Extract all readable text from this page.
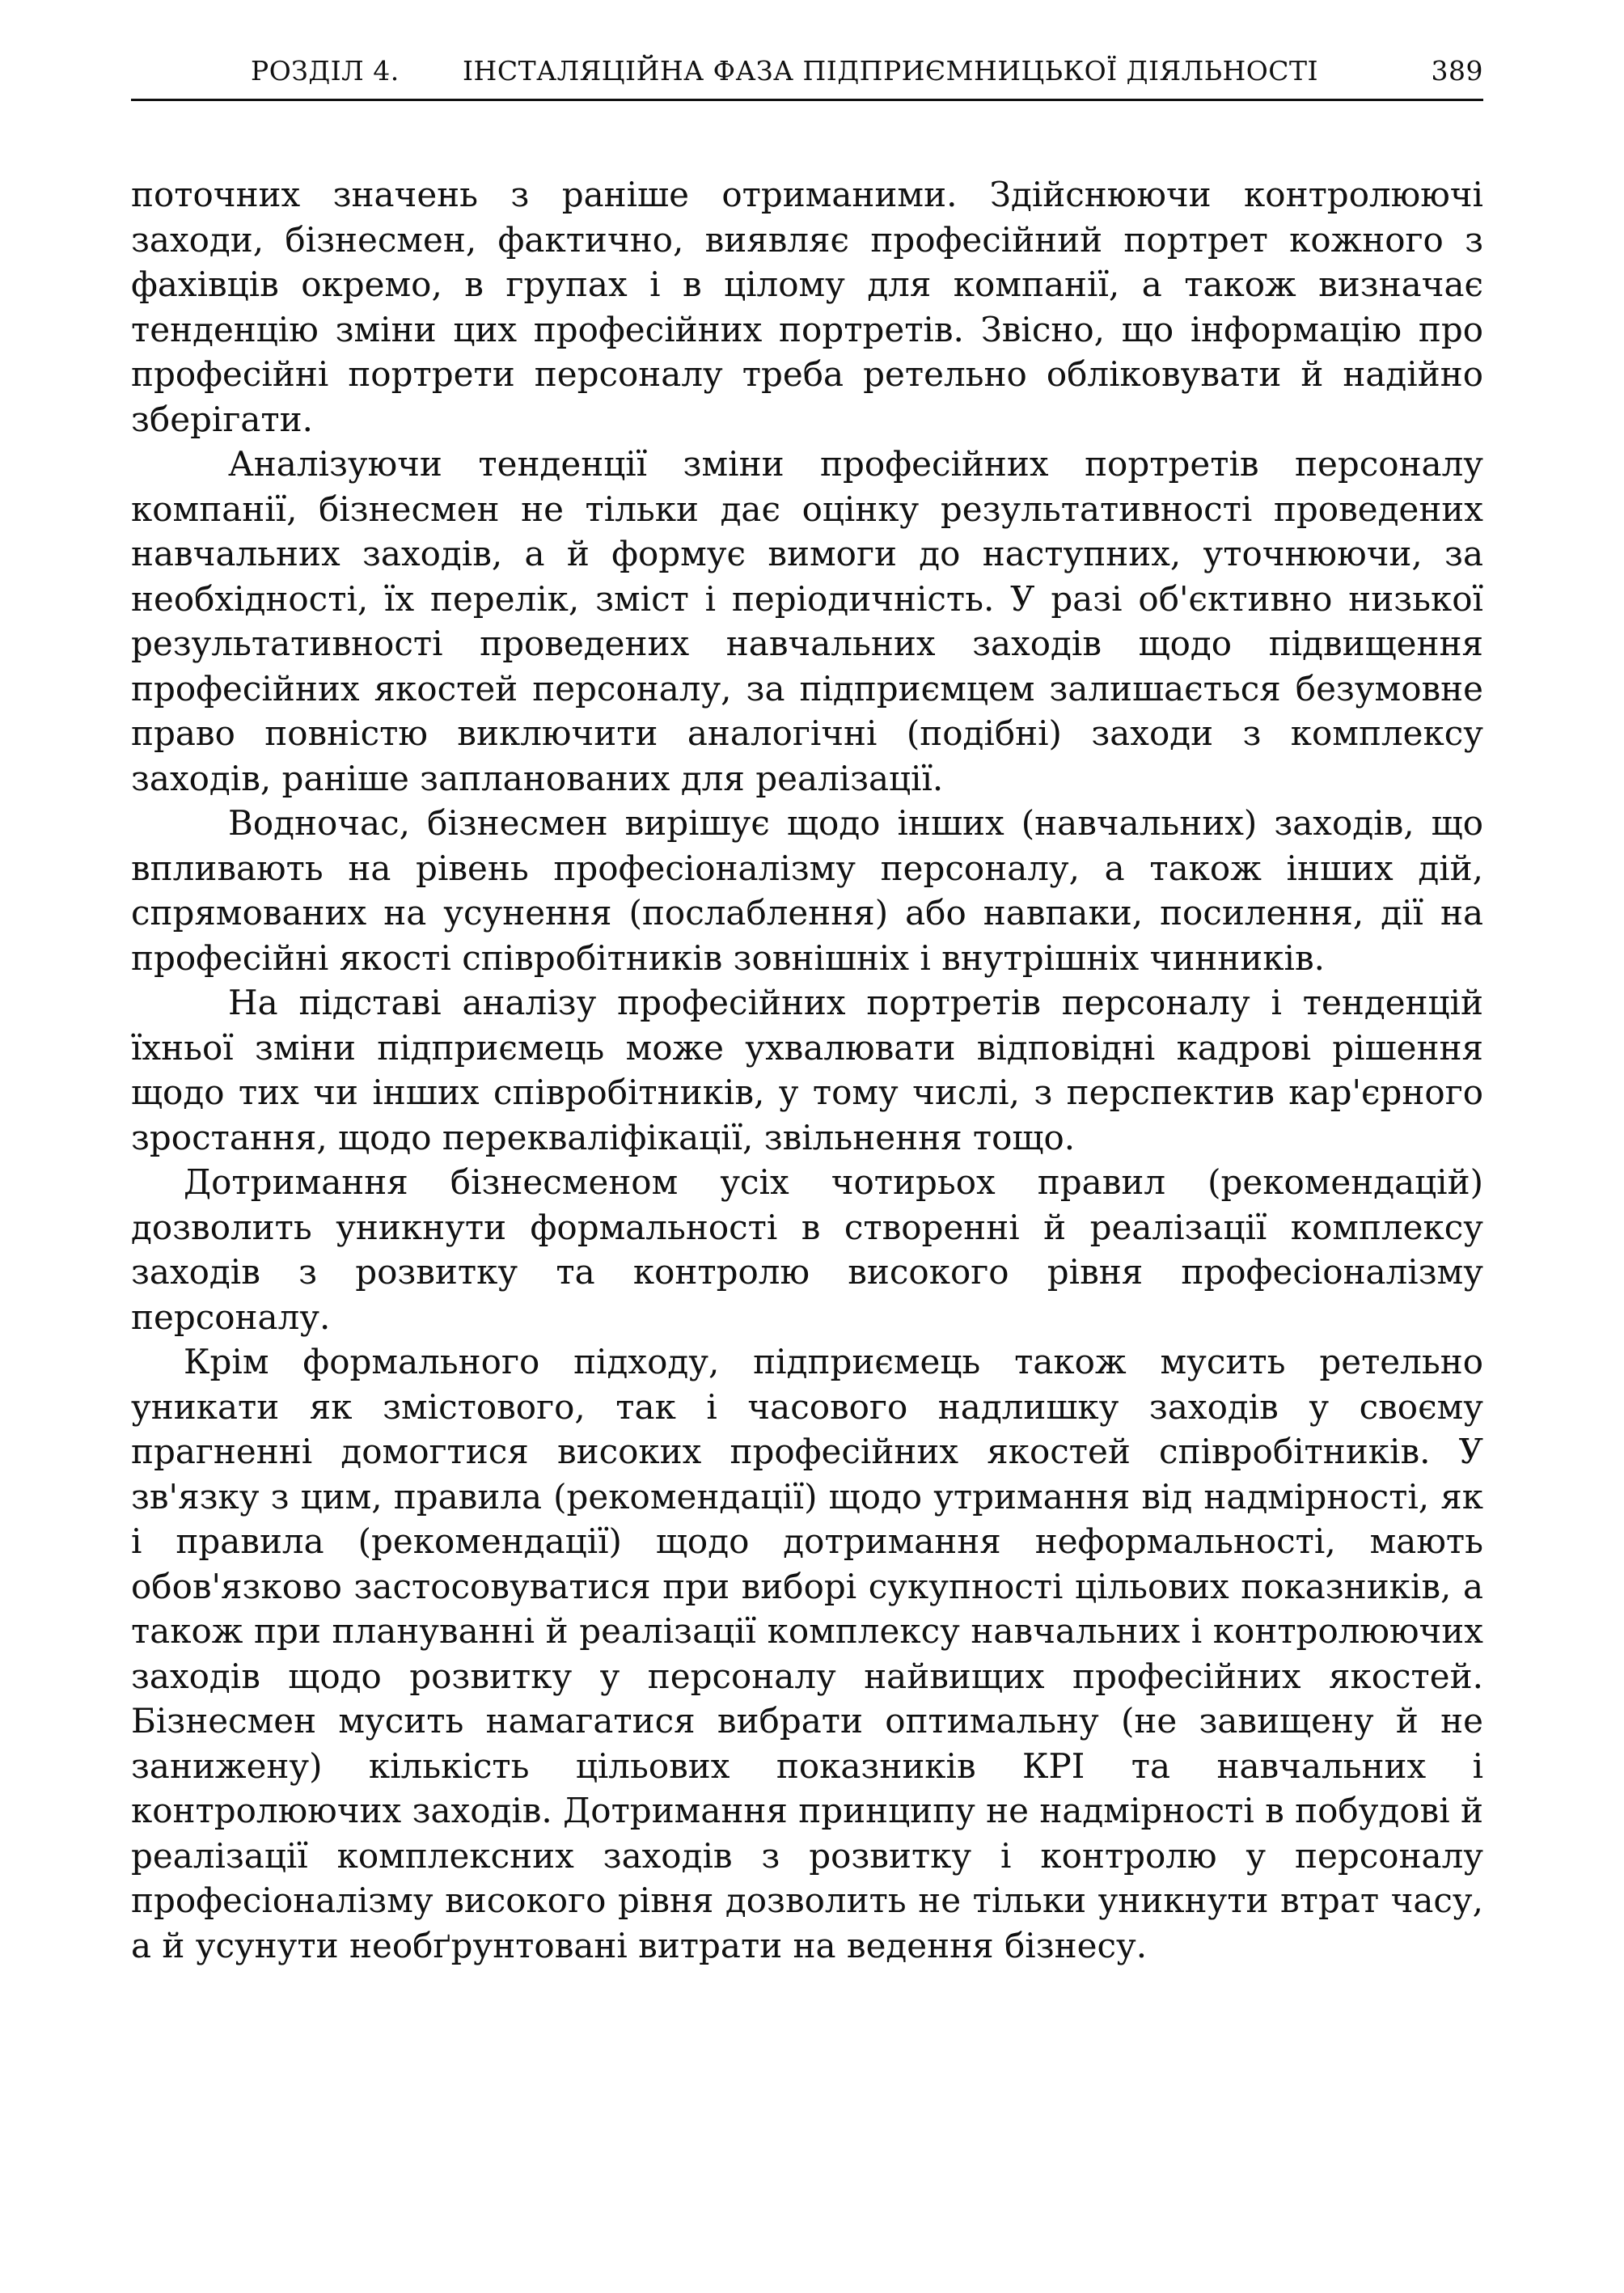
РОЗДІЛ 4. ІНСТАЛЯЦІЙНА ФАЗА ПІДПРИЄМНИЦЬКОЇ ДІЯЛЬНОСТІ	389

поточних значень з раніше отриманими. Здійснюючи контролюючі заходи, бізнесмен, фактично, виявляє професійний портрет кожного з фахівців окремо, в групах і в цілому для компанії, а також визначає тенденцію зміни цих професійних портретів. Звісно, що інформацію про професійні портрети персоналу треба ретельно обліковувати й надійно зберігати.

Аналізуючи тенденції зміни професійних портретів персоналу компанії, бізнесмен не тільки дає оцінку результативності проведених навчальних заходів, а й формує вимоги до наступних, уточнюючи, за необхідності, їх перелік, зміст і періодичність. У разі об'єктивно низької результативності проведених навчальних заходів щодо підвищення професійних якостей персоналу, за підприємцем залишається безумовне право повністю виключити аналогічні (подібні) заходи з комплексу заходів, раніше запланованих для реалізації.

Водночас, бізнесмен вирішує щодо інших (навчальних) заходів, що впливають на рівень професіоналізму персоналу, а також інших дій, спрямованих на усунення (послаблення) або навпаки, посилення, дії на професійні якості співробітників зовнішніх і внутрішніх чинників.

На підставі аналізу професійних портретів персоналу і тенденцій їхньої зміни підприємець може ухвалювати відповідні кадрові рішення щодо тих чи інших співробітників, у тому числі, з перспектив кар'єрного зростання, щодо перекваліфікації, звільнення тощо.

Дотримання бізнесменом усіх чотирьох правил (рекомендацій) дозволить уникнути формальності в створенні й реалізації комплексу заходів з розвитку та контролю високого рівня професіоналізму персоналу.

Крім формального підходу, підприємець також мусить ретельно уникати як змістового, так і часового надлишку заходів у своєму прагненні домогтися високих професійних якостей співробітників. У зв'язку з цим, правила (рекомендації) щодо утримання від надмірності, як і правила (рекомендації) щодо дотримання неформальності, мають обов'язково застосовуватися при виборі сукупності цільових показників, а також при плануванні й реалізації комплексу навчальних і контролюючих заходів щодо розвитку у персоналу найвищих професійних якостей. Бізнесмен мусить намагатися вибрати оптимальну (не завищену й не занижену) кількість цільових показників КРІ та навчальних і контролюючих заходів. Дотримання принципу не надмірності в побудові й реалізації комплексних заходів з розвитку і контролю у персоналу професіоналізму високого рівня дозволить не тільки уникнути втрат часу, а й усунути необґрунтовані витрати на ведення бізнесу.
